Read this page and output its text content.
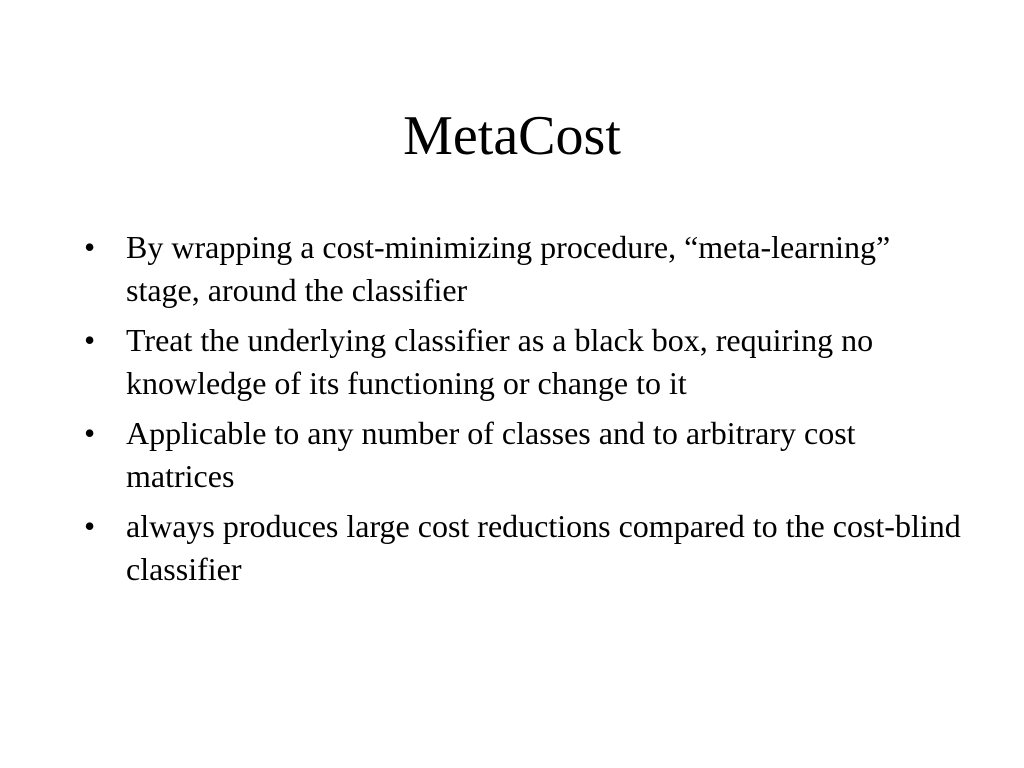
MetaCost
• By wrapping a cost-minimizing procedure, “meta-learning” stage, around the classifier
• Treat the underlying classifier as a black box, requiring no knowledge of its functioning or change to it
• Applicable to any number of classes and to arbitrary cost matrices
• always produces large cost reductions compared to the cost-blind classifier
